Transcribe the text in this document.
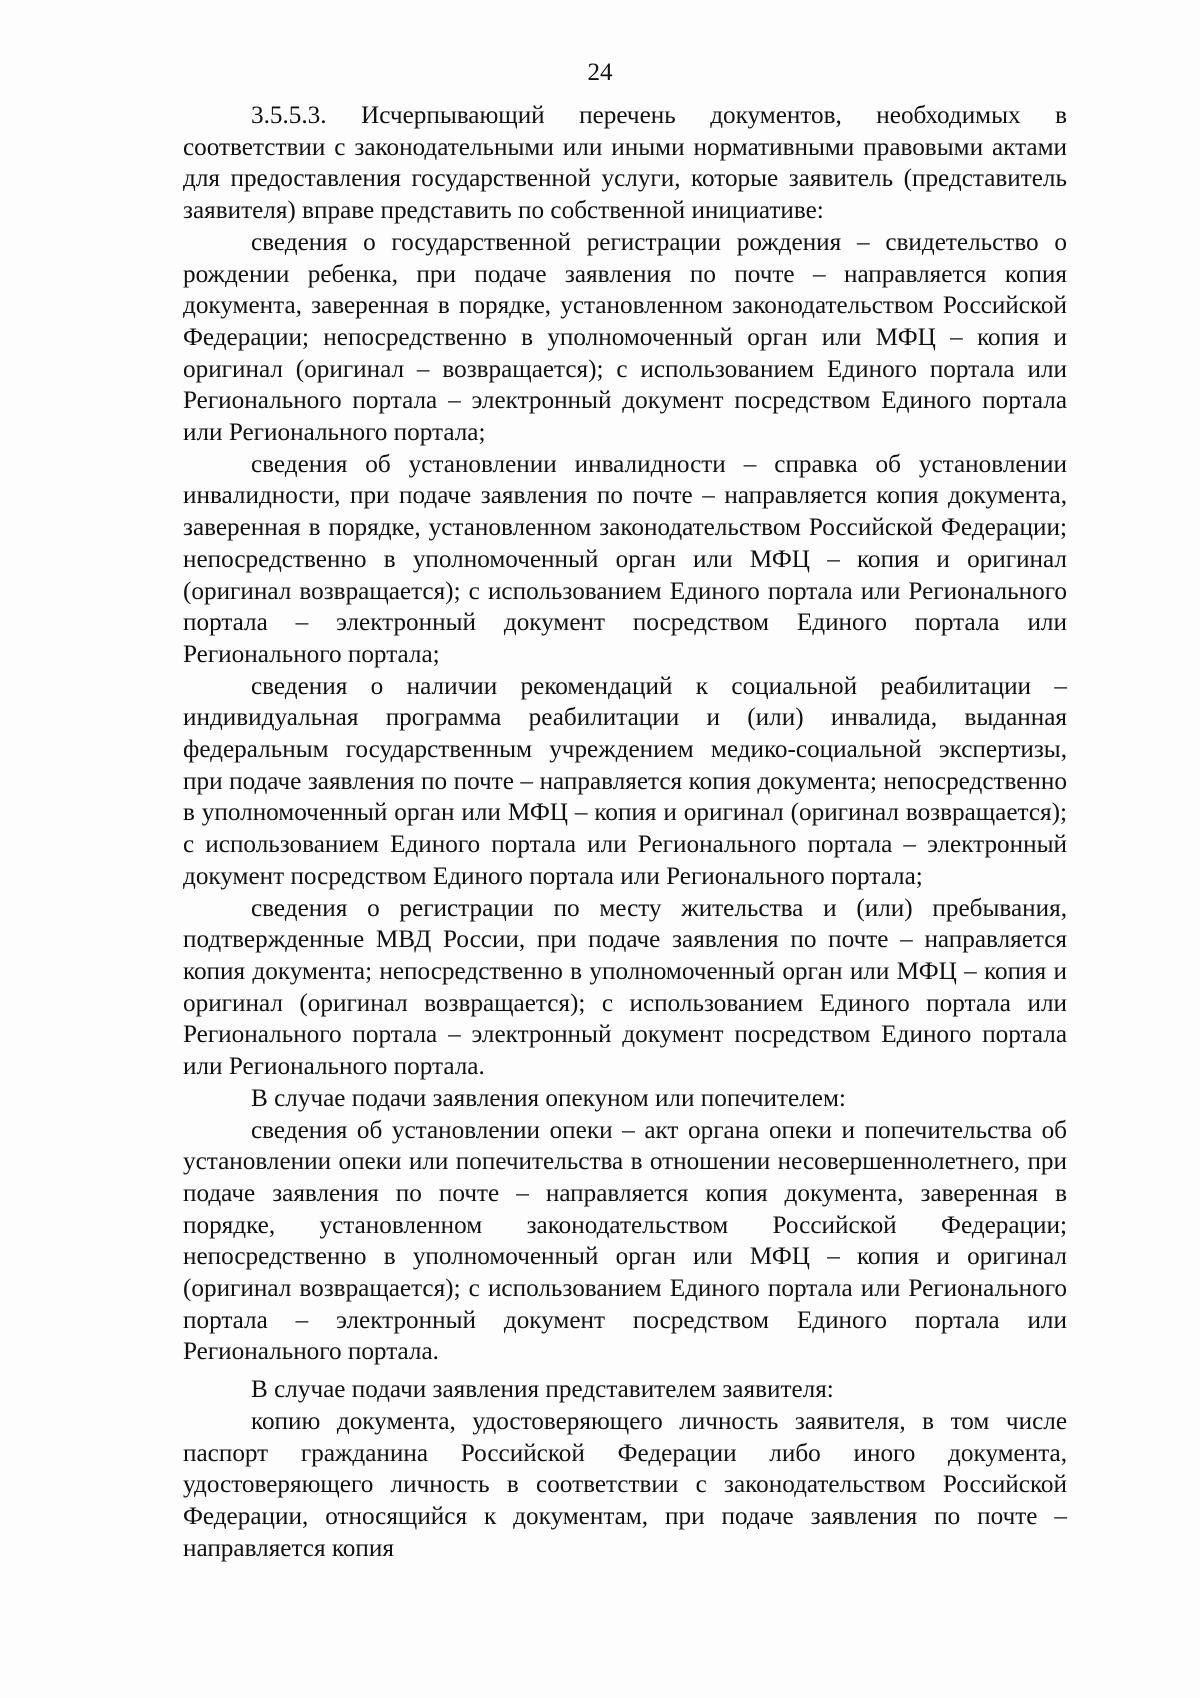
24

3.5.5.3. Исчерпывающий перечень документов, необходимых в соответствии с законодательными или иными нормативными правовыми актами для предоставления государственной услуги, которые заявитель (представитель заявителя) вправе представить по собственной инициативе:

сведения о государственной регистрации рождения – свидетельство о рождении ребенка, при подаче заявления по почте – направляется копия документа, заверенная в порядке, установленном законодательством Российской Федерации; непосредственно в уполномоченный орган или МФЦ – копия и оригинал (оригинал – возвращается); с использованием Единого портала или Регионального портала – электронный документ посредством Единого портала или Регионального портала;

сведения об установлении инвалидности – справка об установлении инвалидности, при подаче заявления по почте – направляется копия документа, заверенная в порядке, установленном законодательством Российской Федерации; непосредственно в уполномоченный орган или МФЦ – копия и оригинал (оригинал возвращается); с использованием Единого портала или Регионального портала – электронный документ посредством Единого портала или Регионального портала;

сведения о наличии рекомендаций к социальной реабилитации – индивидуальная программа реабилитации и (или) инвалида, выданная федеральным государственным учреждением медико-социальной экспертизы, при подаче заявления по почте – направляется копия документа; непосредственно в уполномоченный орган или МФЦ – копия и оригинал (оригинал возвращается); с использованием Единого портала или Регионального портала – электронный документ посредством Единого портала или Регионального портала;

сведения о регистрации по месту жительства и (или) пребывания, подтвержденные МВД России, при подаче заявления по почте – направляется копия документа; непосредственно в уполномоченный орган или МФЦ – копия и оригинал (оригинал возвращается); с использованием Единого портала или Регионального портала – электронный документ посредством Единого портала или Регионального портала.

В случае подачи заявления опекуном или попечителем:

сведения об установлении опеки – акт органа опеки и попечительства об установлении опеки или попечительства в отношении несовершеннолетнего, при подаче заявления по почте – направляется копия документа, заверенная в порядке, установленном законодательством Российской Федерации; непосредственно в уполномоченный орган или МФЦ – копия и оригинал (оригинал возвращается); с использованием Единого портала или Регионального портала – электронный документ посредством Единого портала или Регионального портала.

В случае подачи заявления представителем заявителя:

копию документа, удостоверяющего личность заявителя, в том числе паспорт гражданина Российской Федерации либо иного документа, удостоверяющего личность в соответствии с законодательством Российской Федерации, относящийся к документам, при подаче заявления по почте – направляется копия
